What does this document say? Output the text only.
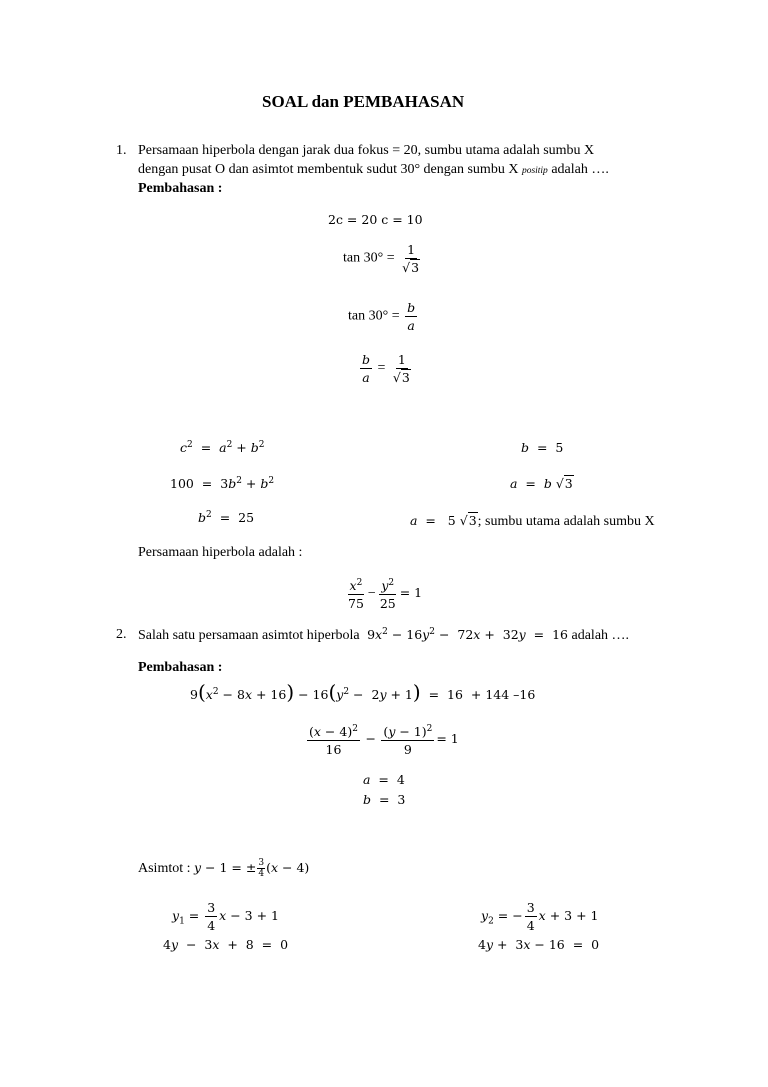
SOAL dan PEMBAHASAN
1. Persamaan hiperbola dengan jarak dua fokus = 20, sumbu utama adalah sumbu X
dengan pusat O dan asimtot membentuk sudut 30° dengan sumbu X positip adalah ….
Pembahasan :
2c = 20 c = 10
$\tan 30^\circ = \frac{1}{√3}$
$\tan 30^\circ = \frac{b}{a}$
$\frac{b}{a} = \frac{1}{√3}$
$c^2 = a^2 + b^2$
$100 = 3b^2 + b^2$
$b^2 = 25$
b  =  5
a  =  b √3
a  =   5 √3; sumbu utama adalah sumbu X
Persamaan hiperbola adalah :
$\frac{x^2}{75} - \frac{y^2}{25} = 1$
2. Salah satu persamaan asimtot hiperbola  $9x^2 - 16y^2 - 72x + 32y = 16$ adalah ….
Pembahasan :
$9(x^2 - 8x + 16) - 16(y^2 - 2y + 1) = 16 + 144$ –16
$\frac{(x - 4)^2}{16} - \frac{(y - 1)^2}{9} = 1$
a  =  4
b  =  3
Asimtot : y − 1 = ± $\frac{3}{4} (x - 4)$
$y_1 = \frac{3}{4}$ x − 3 + 1
4y  −  3x  +  8  =  0
$y_2$ = − $\frac{3}{4}$ x + 3 + 1
4y +  3x − 16  =  0
